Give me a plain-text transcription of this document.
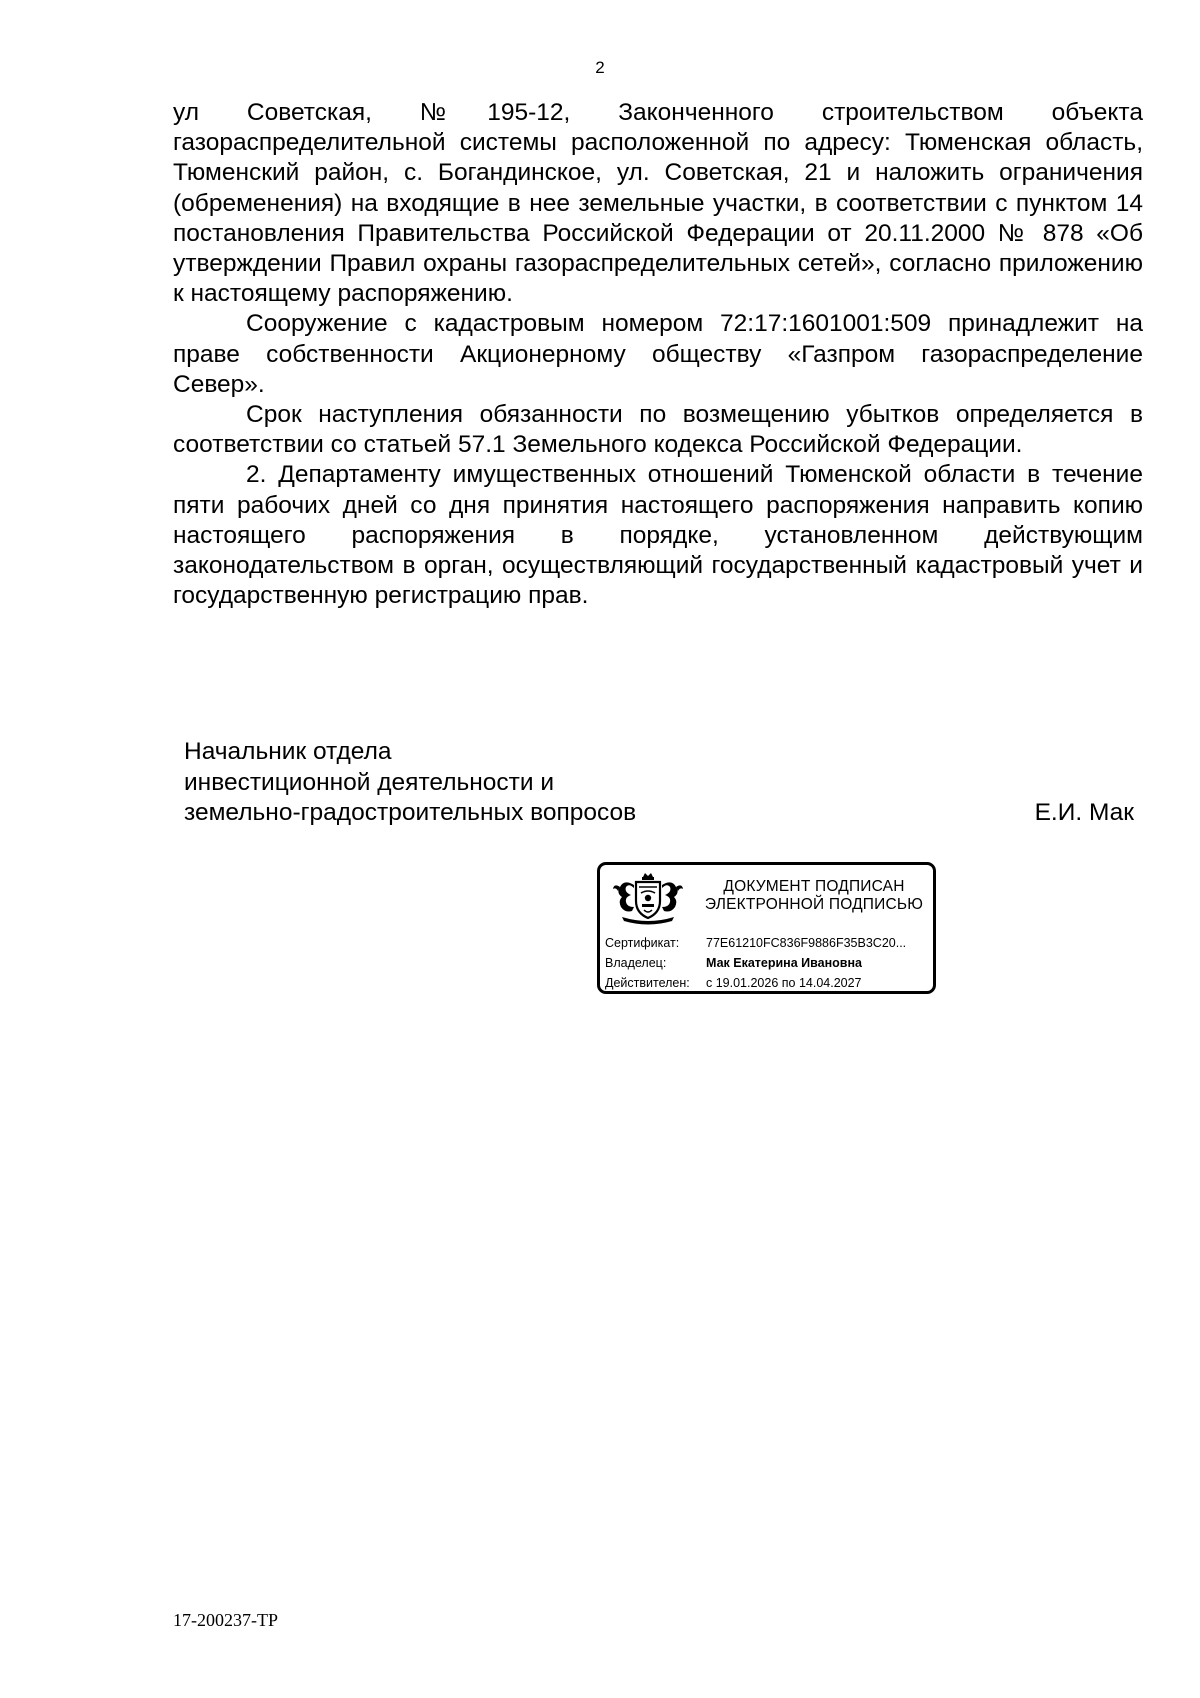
2

ул Советская, №195-12, Законченного строительством объекта газораспределительной системы расположенной по адресу: Тюменская область, Тюменский район, с. Богандинское, ул. Советская, 21 и наложить ограничения (обременения) на входящие в нее земельные участки, в соответствии с пунктом 14 постановления Правительства Российской Федерации от 20.11.2000 № 878 «Об утверждении Правил охраны газораспределительных сетей», согласно приложению к настоящему распоряжению.

Сооружение с кадастровым номером 72:17:1601001:509 принадлежит на праве собственности Акционерному обществу «Газпром газораспределение Север».

Срок наступления обязанности по возмещению убытков определяется в соответствии со статьей 57.1 Земельного кодекса Российской Федерации.

2. Департаменту имущественных отношений Тюменской области в течение пяти рабочих дней со дня принятия настоящего распоряжения направить копию настоящего распоряжения в порядке, установленном действующим законодательством в орган, осуществляющий государственный кадастровый учет и государственную регистрацию прав.

Начальник отдела
инвестиционной деятельности и
земельно-градостроительных вопросов	Е.И. Мак
ДОКУМЕНТ ПОДПИСАН
ЭЛЕКТРОННОЙ ПОДПИСЬЮ
Сертификат:	77E61210FC836F9886F35B3C20...
Владелец:	Мак Екатерина Ивановна
Действителен:	с 19.01.2026 по 14.04.2027
17-200237-ТР
